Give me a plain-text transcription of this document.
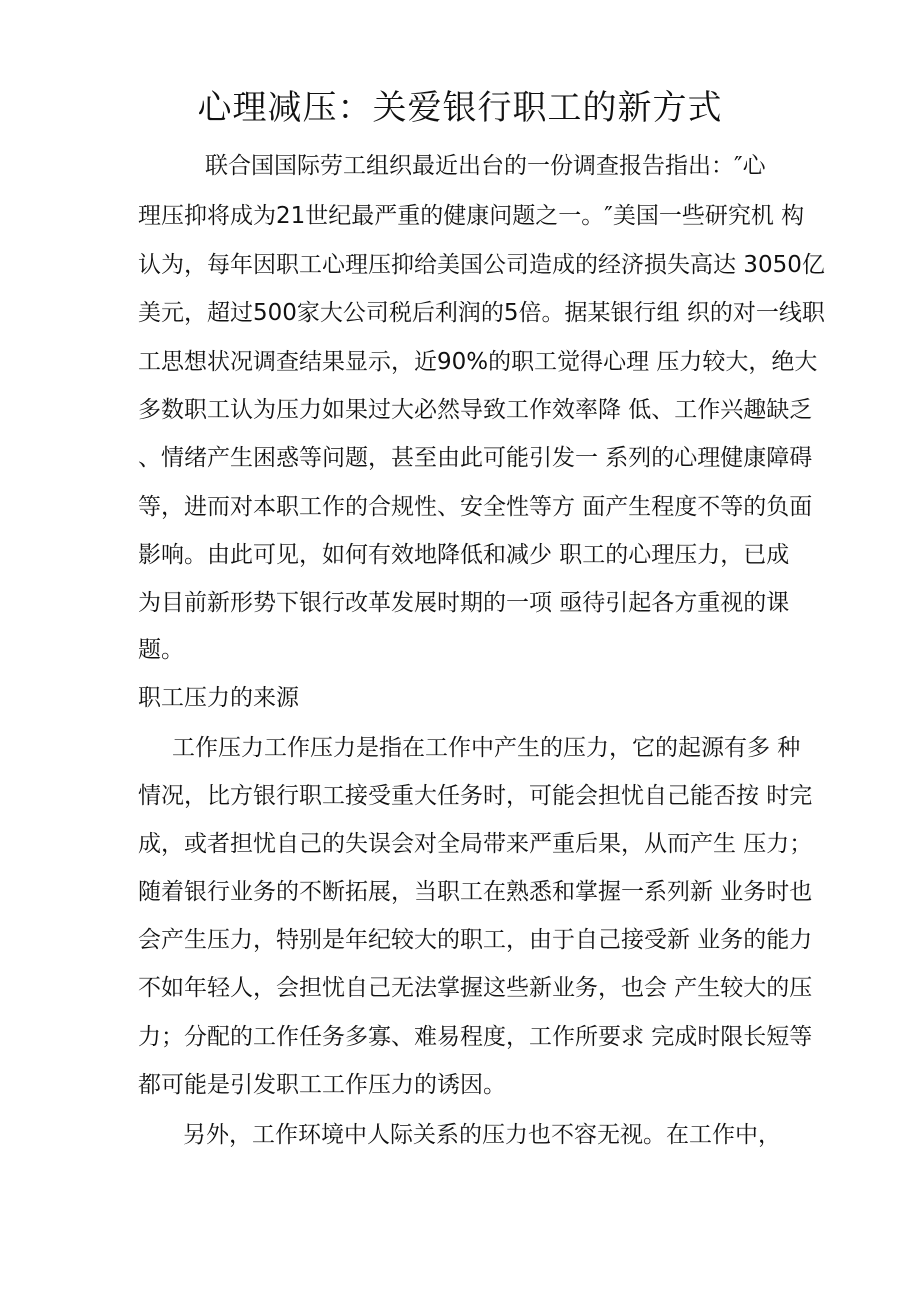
心理减压：关爱银行职工的新方式
联合国国际劳工组织最近出台的一份调查报告指出：″心
理压抑将成为21世纪最严重的健康问题之一。″美国一些研究机 构
认为，每年因职工心理压抑给美国公司造成的经济损失高达 3050亿
美元，超过500家大公司税后利润的5倍。据某银行组 织的对一线职
工思想状况调查结果显示，近90%的职工觉得心理 压力较大，绝大
多数职工认为压力如果过大必然导致工作效率降 低、工作兴趣缺乏
、情绪产生困惑等问题，甚至由此可能引发一 系列的心理健康障碍
等，进而对本职工作的合规性、安全性等方 面产生程度不等的负面
影响。由此可见，如何有效地降低和减少 职工的心理压力，已成
为目前新形势下银行改革发展时期的一项 亟待引起各方重视的课
题。
职工压力的来源
工作压力工作压力是指在工作中产生的压力，它的起源有多 种
情况，比方银行职工接受重大任务时，可能会担忧自己能否按 时完
成，或者担忧自己的失误会对全局带来严重后果，从而产生 压力；
随着银行业务的不断拓展，当职工在熟悉和掌握一系列新 业务时也
会产生压力，特别是年纪较大的职工，由于自己接受新 业务的能力
不如年轻人，会担忧自己无法掌握这些新业务，也会 产生较大的压
力；分配的工作任务多寡、难易程度，工作所要求 完成时限长短等
都可能是引发职工工作压力的诱因。
另外，工作环境中人际关系的压力也不容无视。在工作中，
